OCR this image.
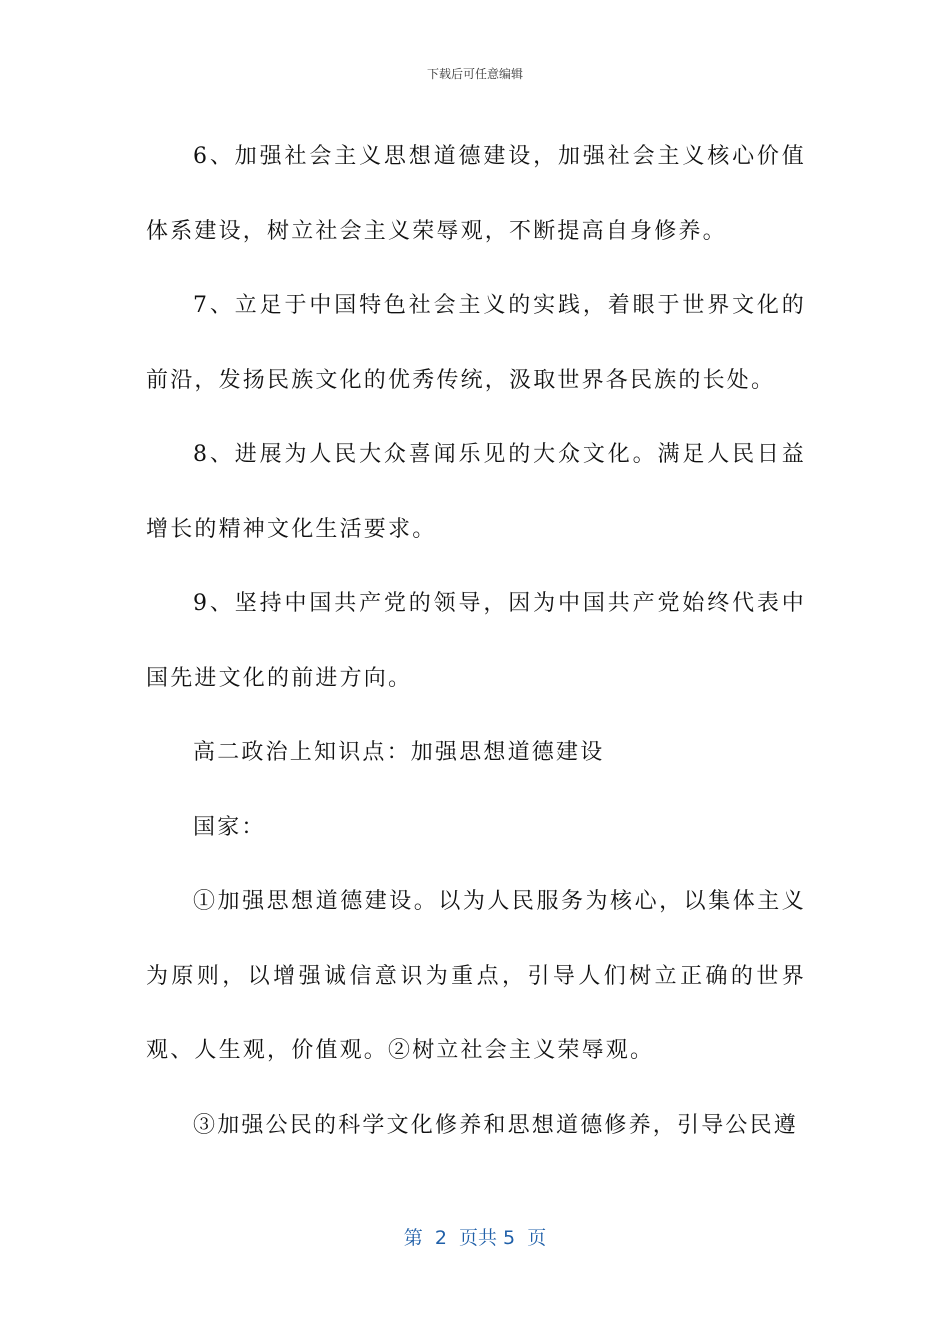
下载后可任意编辑

6、加强社会主义思想道德建设，加强社会主义核心价值体系建设，树立社会主义荣辱观，不断提高自身修养。

7、立足于中国特色社会主义的实践，着眼于世界文化的前沿，发扬民族文化的优秀传统，汲取世界各民族的长处。

8、进展为人民大众喜闻乐见的大众文化。满足人民日益增长的精神文化生活要求。

9、坚持中国共产党的领导，因为中国共产党始终代表中国先进文化的前进方向。

高二政治上知识点：加强思想道德建设

国家：

①加强思想道德建设。以为人民服务为核心，以集体主义为原则，以增强诚信意识为重点，引导人们树立正确的世界观、人生观，价值观。②树立社会主义荣辱观。

③加强公民的科学文化修养和思想道德修养，引导公民遵

第  2  页共 5  页
